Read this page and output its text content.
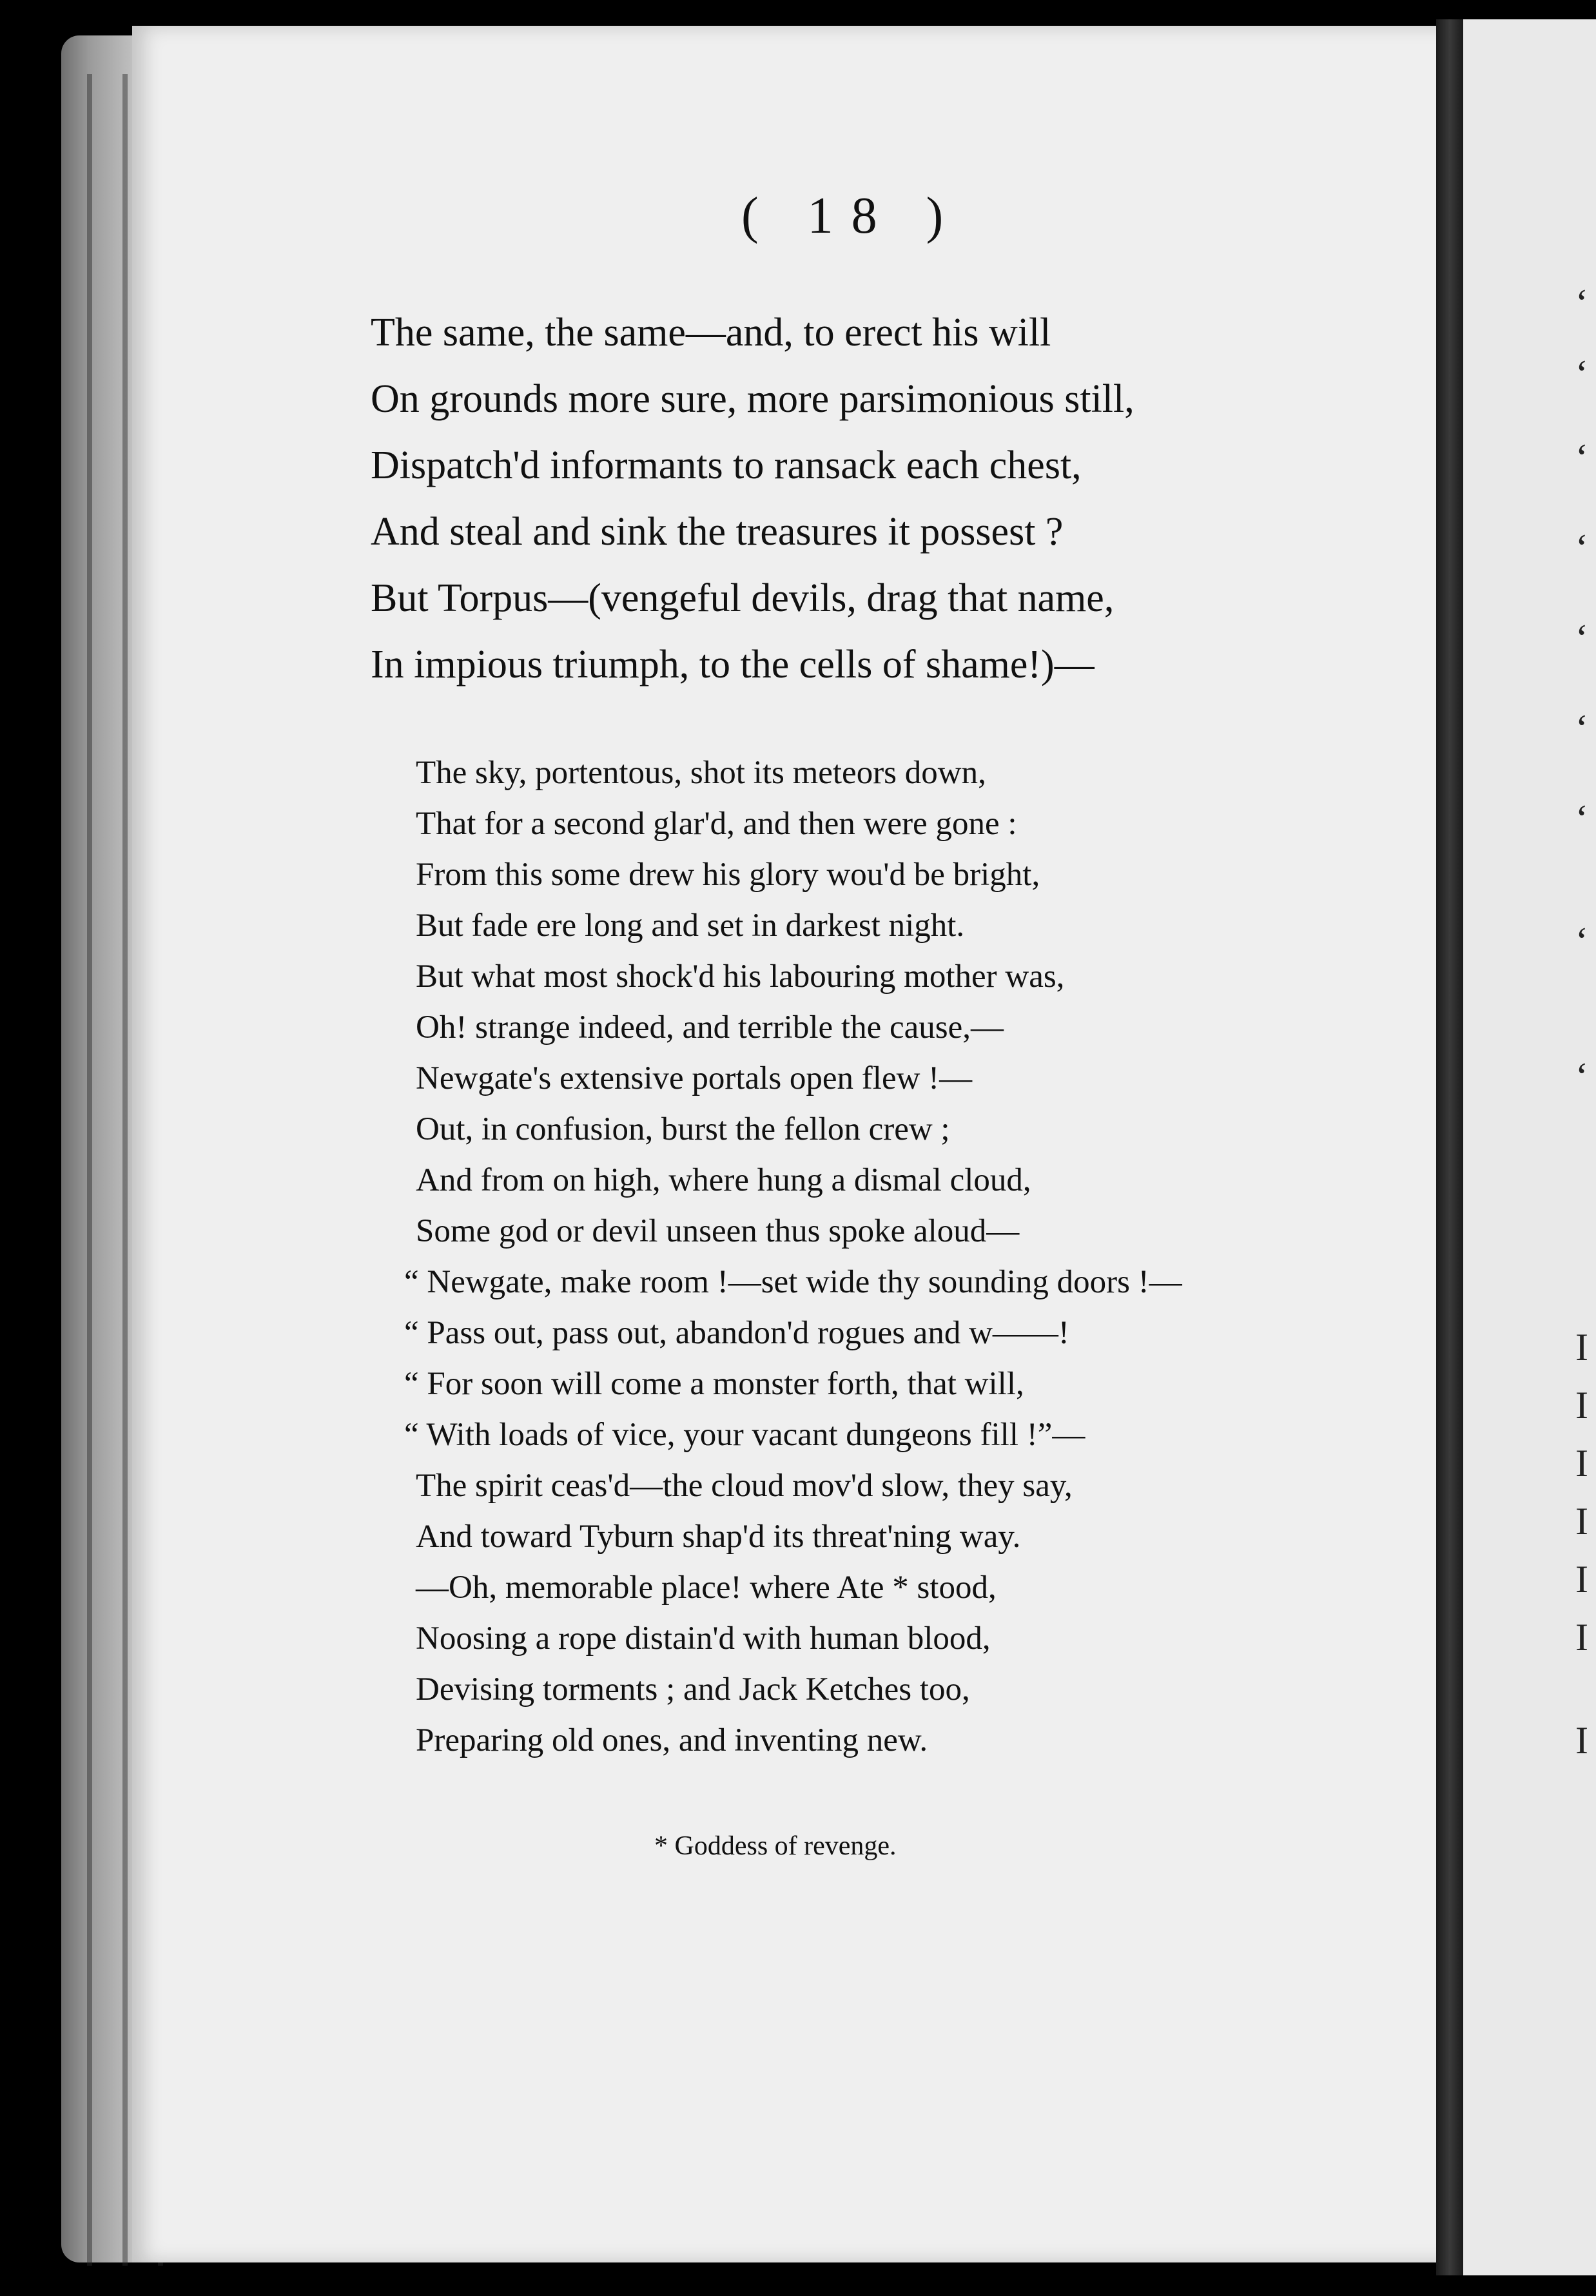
‘
‘
‘
‘
‘
‘
‘
‘
‘
I
I
I
I
I
I
I
( 18 )
The same, the same—and, to erect his will
On grounds more sure, more parsimonious still,
Dispatch'd informants to ransack each chest,
And steal and sink the treasures it possest ?
But Torpus—(vengeful devils, drag that name,
In impious triumph, to the cells of shame!)—
The sky, portentous, shot its meteors down,
That for a second glar'd, and then were gone :
From this some drew his glory wou'd be bright,
But fade ere long and set in darkest night.
But what most shock'd his labouring mother was,
Oh! strange indeed, and terrible the cause,—
Newgate's extensive portals open flew !—
Out, in confusion, burst the fellon crew ;
And from on high, where hung a dismal cloud,
Some god or devil unseen thus spoke aloud—
“ Newgate, make room !—set wide thy sounding doors !—
“ Pass out, pass out, abandon'd rogues and w——!
“ For soon will come a monster forth, that will,
“ With loads of vice, your vacant dungeons fill !”—
The spirit ceas'd—the cloud mov'd slow, they say,
And toward Tyburn shap'd its threat'ning way.
—Oh, memorable place! where Ate * stood,
Noosing a rope distain'd with human blood,
Devising torments ; and Jack Ketches too,
Preparing old ones, and inventing new.
* Goddess of revenge.
